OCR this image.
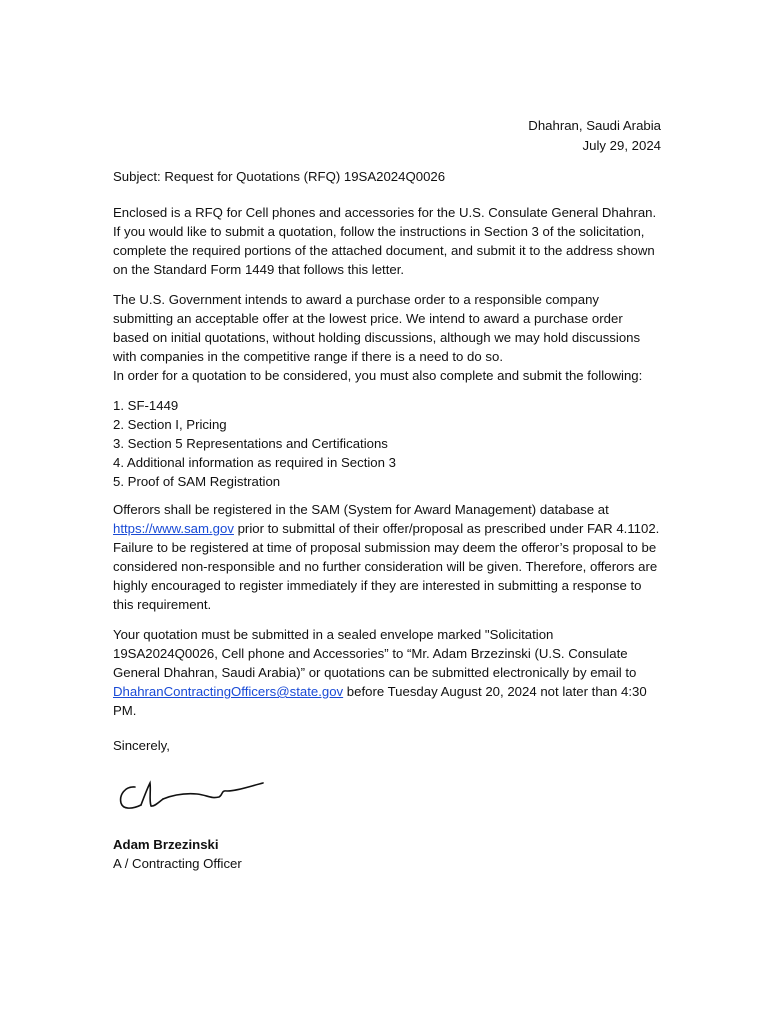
Dhahran, Saudi Arabia
July 29, 2024
Subject: Request for Quotations (RFQ) 19SA2024Q0026

Enclosed is a RFQ for Cell phones and accessories for the U.S. Consulate General Dhahran. If you would like to submit a quotation, follow the instructions in Section 3 of the solicitation, complete the required portions of the attached document, and submit it to the address shown on the Standard Form 1449 that follows this letter.

The U.S. Government intends to award a purchase order to a responsible company submitting an acceptable offer at the lowest price. We intend to award a purchase order based on initial quotations, without holding discussions, although we may hold discussions with companies in the competitive range if there is a need to do so.

In order for a quotation to be considered, you must also complete and submit the following:

1. SF-1449
2. Section I, Pricing
3. Section 5 Representations and Certifications
4. Additional information as required in Section 3
5. Proof of SAM Registration

Offerors shall be registered in the SAM (System for Award Management) database at https://www.sam.gov prior to submittal of their offer/proposal as prescribed under FAR 4.1102. Failure to be registered at time of proposal submission may deem the offeror’s proposal to be considered non-responsible and no further consideration will be given. Therefore, offerors are highly encouraged to register immediately if they are interested in submitting a response to this requirement.

Your quotation must be submitted in a sealed envelope marked "Solicitation 19SA2024Q0026, Cell phone and Accessories” to “Mr. Adam Brzezinski (U.S. Consulate General Dhahran, Saudi Arabia)” or quotations can be submitted electronically by email to DhahranContractingOfficers@state.gov before Tuesday August 20, 2024 not later than 4:30 PM.

Sincerely,
Adam Brzezinski
A / Contracting Officer
